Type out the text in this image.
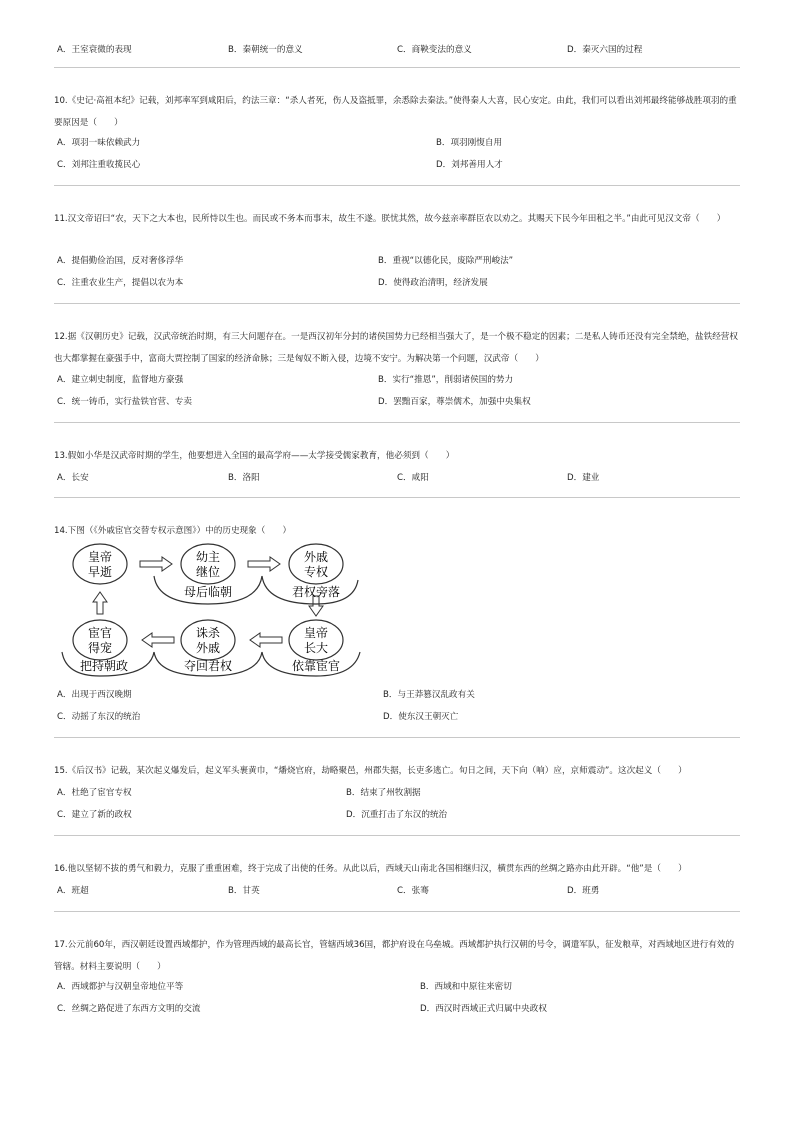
A．王室衰微的表现	B．秦朝统一的意义	C．商鞅变法的意义	D．秦灭六国的过程
10.《史记·高祖本纪》记载，刘邦率军到咸阳后，约法三章：“杀人者死，伤人及盗抵罪，余悉除去秦法。”使得秦人大喜，民心安定。由此，我们可以看出刘邦最终能够战胜项羽的重要原因是（　　）
A．项羽一味依赖武力	B．项羽刚愎自用
C．刘邦注重收揽民心	D．刘邦善用人才
11.汉文帝诏曰“农，天下之大本也，民所恃以生也。而民或不务本而事末，故生不遂。朕忧其然，故今兹亲率群臣农以劝之。其赐天下民今年田租之半。”由此可见汉文帝（　　）
A．提倡勤俭治国，反对奢侈浮华	B．重视“以德化民，废除严刑峻法”
C．注重农业生产，提倡以农为本	D．使得政治清明，经济发展
12.据《汉朝历史》记载，汉武帝统治时期，有三大问题存在。一是西汉初年分封的诸侯国势力已经相当强大了，是一个极不稳定的因素；二是私人铸币还没有完全禁绝，盐铁经营权也大都掌握在豪强手中，富商大贾控制了国家的经济命脉；三是匈奴不断入侵，边境不安宁。为解决第一个问题，汉武帝（　　）
A．建立刺史制度，监督地方豪强	B．实行“推恩”，削弱诸侯国的势力
C．统一铸币，实行盐铁官营、专卖	D．罢黜百家，尊崇儒术，加强中央集权
13.假如小华是汉武帝时期的学生，他要想进入全国的最高学府——太学接受儒家教育，他必须到（　　）
A．长安	B．洛阳	C．咸阳	D．建业
14.下图（《外戚宦官交替专权示意图》）中的历史现象（　　）
皇帝
早逝
幼主
继位
外戚
专权
皇帝
长大
诛杀
外戚
宦官
得宠
母后临朝	君权旁落
依靠宦官
夺回君权
把持朝政
A．出现于西汉晚期	B．与王莽篡汉乱政有关
C．动摇了东汉的统治	D．使东汉王朝灭亡
15.《后汉书》记载，某次起义爆发后，起义军头裹黄巾，“燔烧官府，劫略聚邑，州郡失据，长吏多逃亡。旬日之间，天下向（响）应，京师震动”。这次起义（　　）
A．杜绝了宦官专权	B．结束了州牧割据
C．建立了新的政权	D．沉重打击了东汉的统治
16.他以坚韧不拔的勇气和毅力，克服了重重困难，终于完成了出使的任务。从此以后，西域天山南北各国相继归汉，横贯东西的丝绸之路亦由此开辟。“他”是（　　）
A．班超	B．甘英	C．张骞	D．班勇
17.公元前60年，西汉朝廷设置西域都护，作为管理西域的最高长官，管辖西域36国，都护府设在乌垒城。西域都护执行汉朝的号令，调遣军队，征发粮草，对西域地区进行有效的管辖。材料主要说明（　　）
A．西域都护与汉朝皇帝地位平等	B．西域和中原往来密切
C．丝绸之路促进了东西方文明的交流	D．西汉时西域正式归属中央政权
